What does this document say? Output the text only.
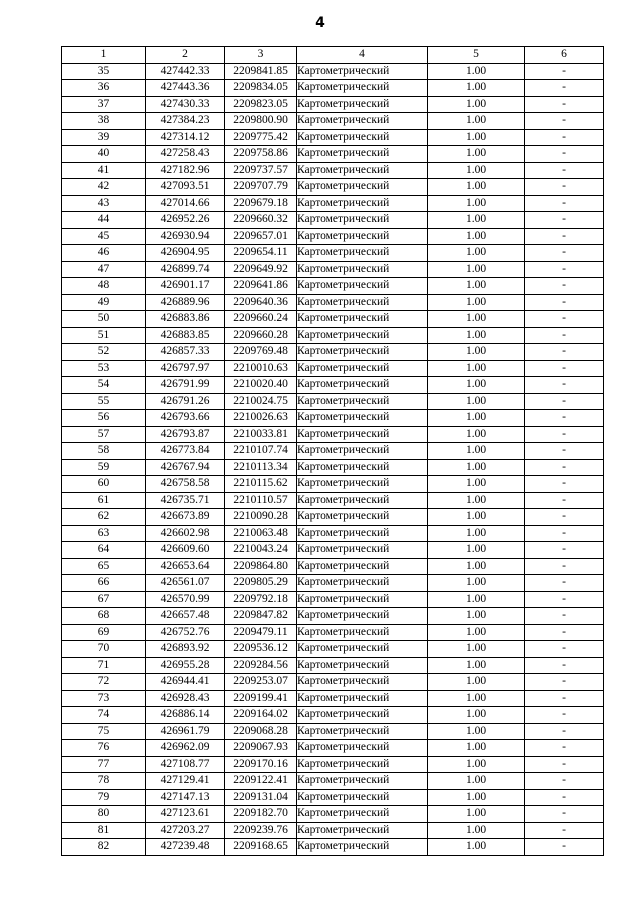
4
1	2	3	4	5	6
35	427442.33	2209841.85	Картометрический	1.00	-
36	427443.36	2209834.05	Картометрический	1.00	-
37	427430.33	2209823.05	Картометрический	1.00	-
38	427384.23	2209800.90	Картометрический	1.00	-
39	427314.12	2209775.42	Картометрический	1.00	-
40	427258.43	2209758.86	Картометрический	1.00	-
41	427182.96	2209737.57	Картометрический	1.00	-
42	427093.51	2209707.79	Картометрический	1.00	-
43	427014.66	2209679.18	Картометрический	1.00	-
44	426952.26	2209660.32	Картометрический	1.00	-
45	426930.94	2209657.01	Картометрический	1.00	-
46	426904.95	2209654.11	Картометрический	1.00	-
47	426899.74	2209649.92	Картометрический	1.00	-
48	426901.17	2209641.86	Картометрический	1.00	-
49	426889.96	2209640.36	Картометрический	1.00	-
50	426883.86	2209660.24	Картометрический	1.00	-
51	426883.85	2209660.28	Картометрический	1.00	-
52	426857.33	2209769.48	Картометрический	1.00	-
53	426797.97	2210010.63	Картометрический	1.00	-
54	426791.99	2210020.40	Картометрический	1.00	-
55	426791.26	2210024.75	Картометрический	1.00	-
56	426793.66	2210026.63	Картометрический	1.00	-
57	426793.87	2210033.81	Картометрический	1.00	-
58	426773.84	2210107.74	Картометрический	1.00	-
59	426767.94	2210113.34	Картометрический	1.00	-
60	426758.58	2210115.62	Картометрический	1.00	-
61	426735.71	2210110.57	Картометрический	1.00	-
62	426673.89	2210090.28	Картометрический	1.00	-
63	426602.98	2210063.48	Картометрический	1.00	-
64	426609.60	2210043.24	Картометрический	1.00	-
65	426653.64	2209864.80	Картометрический	1.00	-
66	426561.07	2209805.29	Картометрический	1.00	-
67	426570.99	2209792.18	Картометрический	1.00	-
68	426657.48	2209847.82	Картометрический	1.00	-
69	426752.76	2209479.11	Картометрический	1.00	-
70	426893.92	2209536.12	Картометрический	1.00	-
71	426955.28	2209284.56	Картометрический	1.00	-
72	426944.41	2209253.07	Картометрический	1.00	-
73	426928.43	2209199.41	Картометрический	1.00	-
74	426886.14	2209164.02	Картометрический	1.00	-
75	426961.79	2209068.28	Картометрический	1.00	-
76	426962.09	2209067.93	Картометрический	1.00	-
77	427108.77	2209170.16	Картометрический	1.00	-
78	427129.41	2209122.41	Картометрический	1.00	-
79	427147.13	2209131.04	Картометрический	1.00	-
80	427123.61	2209182.70	Картометрический	1.00	-
81	427203.27	2209239.76	Картометрический	1.00	-
82	427239.48	2209168.65	Картометрический	1.00	-
